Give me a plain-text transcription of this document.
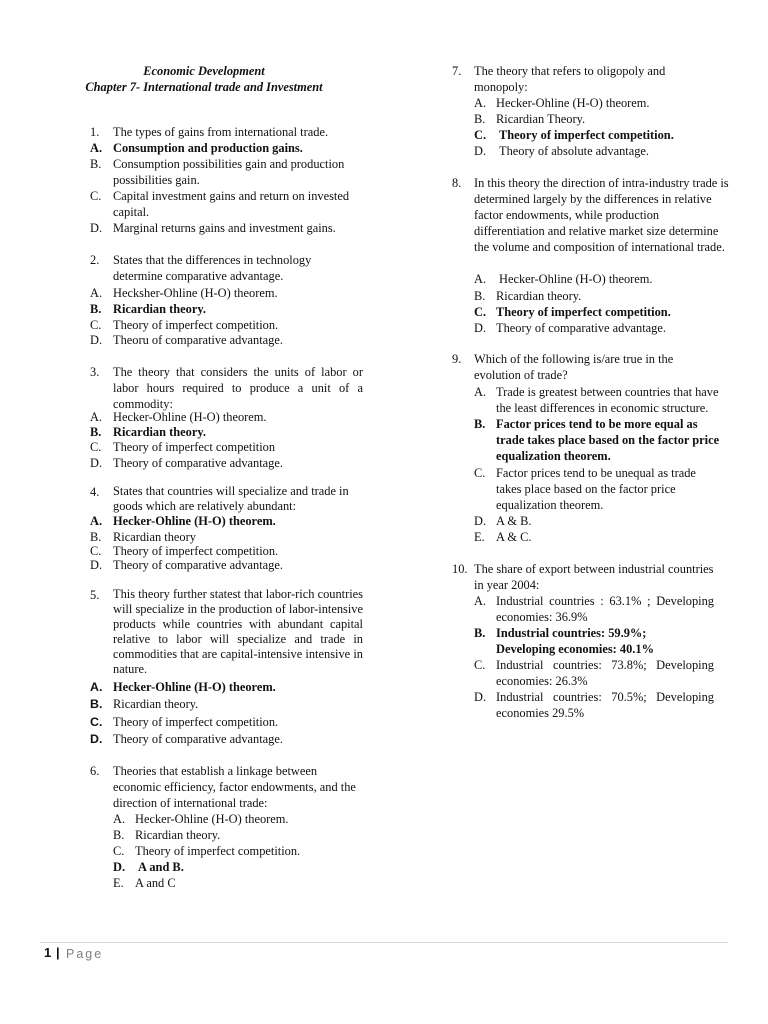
Economic Development
Chapter 7- International trade and Investment
1. The types of gains from international trade.
A. Consumption and production gains.
B. Consumption possibilities gain and production possibilities gain.
C. Capital investment gains and return on invested capital.
D. Marginal returns gains and investment gains.
2. States that the differences in technology determine comparative advantage.
A. Hecksher-Ohline (H-O) theorem.
B. Ricardian theory.
C. Theory of imperfect competition.
D. Theoru of comparative advantage.
3. The theory that considers the units of labor or labor hours required to produce a unit of a commodity:
A. Hecker-Ohline (H-O) theorem.
B. Ricardian theory.
C. Theory of imperfect competition
D. Theory of comparative advantage.
4. States that countries will specialize and trade in goods which are relatively abundant:
A. Hecker-Ohline (H-O) theorem.
B. Ricardian theory
C. Theory of imperfect competition.
D. Theory of comparative advantage.
5. This theory further statest that labor-rich countries will specialize in the production of labor-intensive products while countries with abundant capital relative to labor will specialize and trade in commodities that are capital-intensive intensive in nature.
A. Hecker-Ohline (H-O) theorem.
B. Ricardian theory.
C. Theory of imperfect competition.
D. Theory of comparative advantage.
6. Theories that establish a linkage between economic efficiency, factor endowments, and the direction of international trade:
A. Hecker-Ohline (H-O) theorem.
B. Ricardian theory.
C. Theory of imperfect competition.
D. A and B.
E. A and C
7. The theory that refers to oligopoly and monopoly:
A. Hecker-Ohline (H-O) theorem.
B. Ricardian Theory.
C. Theory of imperfect competition.
D. Theory of absolute advantage.
8. In this theory the direction of intra-industry trade is determined largely by the differences in relative factor endowments, while production differentiation and relative market size determine the volume and composition of international trade.
A. Hecker-Ohline (H-O) theorem.
B. Ricardian theory.
C. Theory of imperfect competition.
D. Theory of comparative advantage.
9. Which of the following is/are true in the evolution of trade?
A. Trade is greatest between countries that have the least differences in economic structure.
B. Factor prices tend to be more equal as trade takes place based on the factor price equalization theorem.
C. Factor prices tend to be unequal as trade takes place based on the factor price equalization theorem.
D. A & B.
E. A & C.
10. The share of export between industrial countries in year 2004:
A. Industrial countries : 63.1% ; Developing economies: 36.9%
B. Industrial countries: 59.9%; Developing economies: 40.1%
C. Industrial countries: 73.8%; Developing economies: 26.3%
D. Industrial countries: 70.5%; Developing economies 29.5%
1 | Page
